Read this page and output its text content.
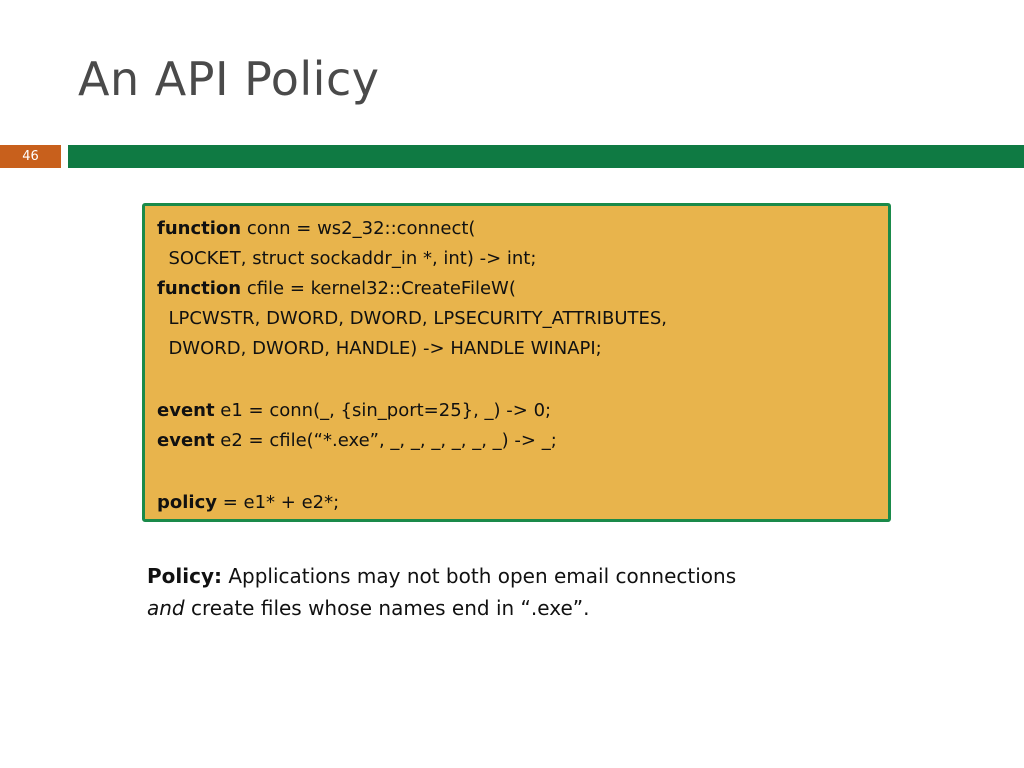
An API Policy
46
function conn = ws2_32::connect(
SOCKET, struct sockaddr_in *, int) -> int;
function cfile = kernel32::CreateFileW(
LPCWSTR, DWORD, DWORD, LPSECURITY_ATTRIBUTES,
DWORD, DWORD, HANDLE) -> HANDLE WINAPI;
event e1 = conn(_, {sin_port=25}, _) -> 0;
event e2 = cfile(“*.exe”, _, _, _, _, _, _) -> _;
policy = e1* + e2*;
Policy: Applications may not both open email connections
and create files whose names end in “.exe”.
